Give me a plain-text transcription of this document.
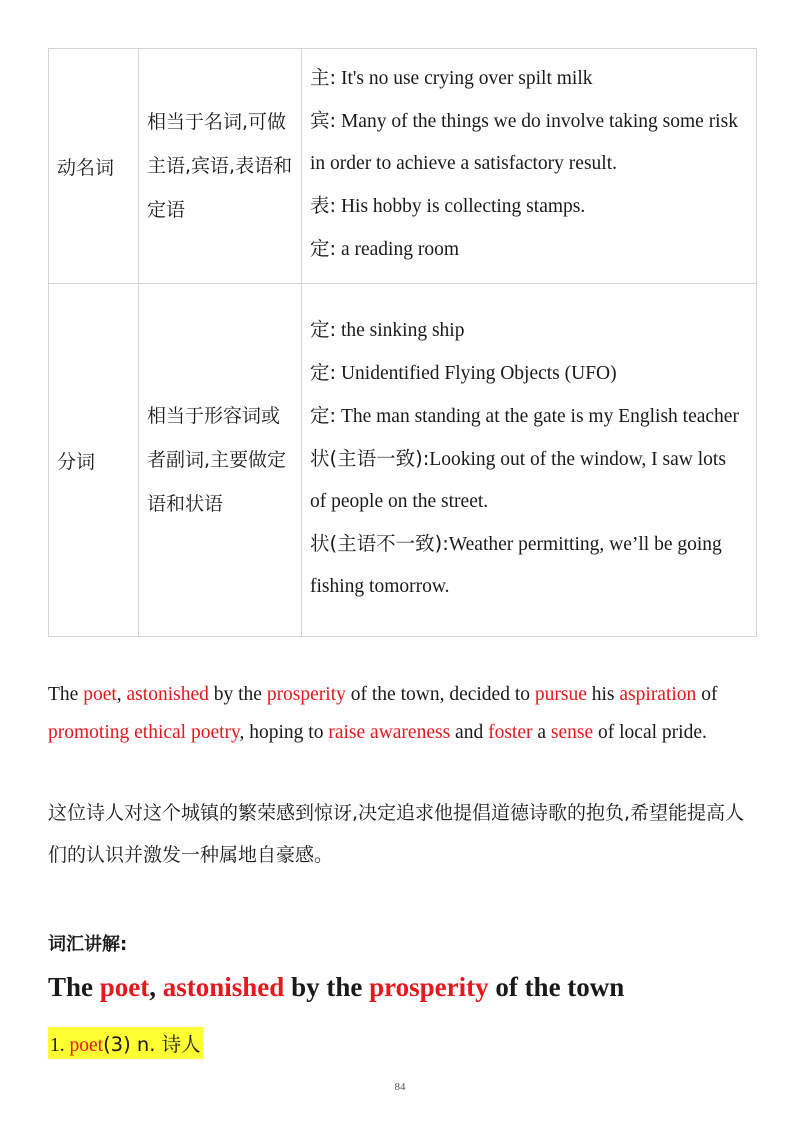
动名词	相当于名词,可做主语,宾语,表语和定语	主: It's no use crying over spilt milk
宾: Many of the things we do involve taking some risk in order to achieve a satisfactory result.
表: His hobby is collecting stamps.
定: a reading room

分词	相当于形容词或者副词,主要做定语和状语	定: the sinking ship
定: Unidentified Flying Objects (UFO)
定: The man standing at the gate is my English teacher
状(主语一致):Looking out of the window, I saw lots of people on the street.
状(主语不一致):Weather permitting, we’ll be going fishing tomorrow.
The poet, astonished by the prosperity of the town, decided to pursue his aspiration of promoting ethical poetry, hoping to raise awareness and foster a sense of local pride.
这位诗人对这个城镇的繁荣感到惊讶,决定追求他提倡道德诗歌的抱负,希望能提高人们的认识并激发一种属地自豪感。
词汇讲解:
The poet, astonished by the prosperity of the town
1. poet(3) n. 诗人
84
